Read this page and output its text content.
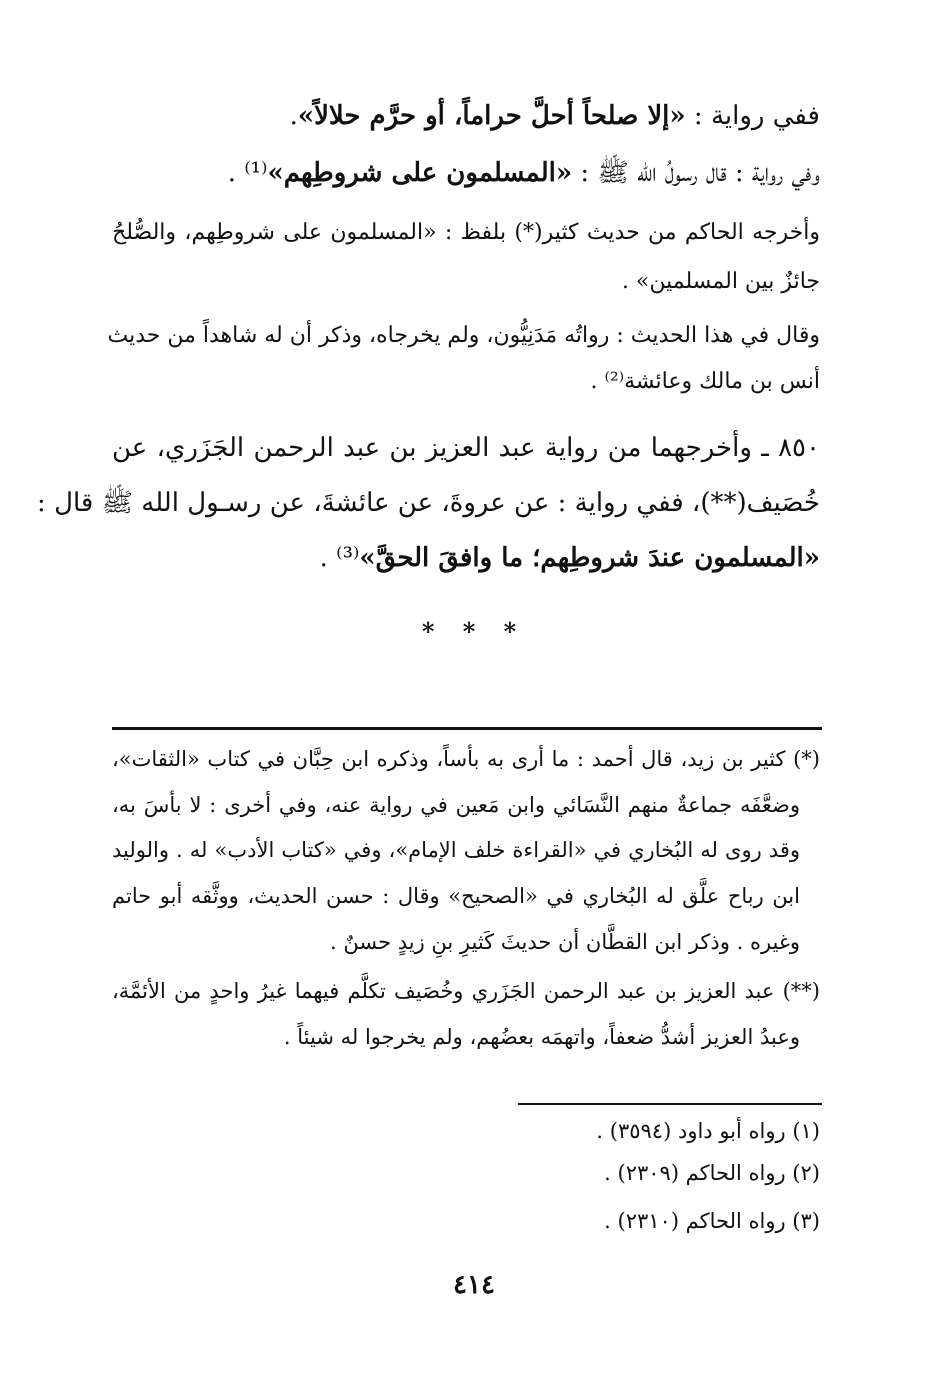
ففي رواية : «إلا صلحاً أحلَّ حراماً، أو حرَّم حلالاً».
وفي رواية : قال رسولُ الله ﷺ : «المسلمون على شروطِهم»⁽¹⁾ .
وأخرجه الحاكم من حديث كثير(*) بلفظ : «المسلمون على شروطِهم، والصُّلحُ
جائزٌ بين المسلمين» .
وقال في هذا الحديث : رواتُه مَدَنِيُّون، ولم يخرجاه، وذكر أن له شاهداً من حديث
أنس بن مالك وعائشة⁽²⁾ .
٨٥٠ ـ وأخرجهما من رواية عبد العزيز بن عبد الرحمن الجَزَري، عن
خُصَيف(**)، ففي رواية : عن عروةَ، عن عائشةَ، عن رسـول الله ﷺ قال :
«المسلمون عندَ شروطِهم؛ ما وافقَ الحقَّ»⁽³⁾ .
* * *
(*) كثير بن زيد، قال أحمد : ما أرى به بأساً، وذكره ابن حِبَّان في كتاب «الثقات»،
وضعَّفَه جماعةٌ منهم النَّسَائي وابن مَعين في رواية عنه، وفي أخرى : لا بأسَ به،
وقد روى له البُخاري في «القراءة خلف الإمام»، وفي «كتاب الأدب» له . والوليد
ابن رباح علَّق له البُخاري في «الصحيح» وقال : حسن الحديث، ووثَّقه أبو حاتم
وغيره . وذكر ابن القطَّان أن حديثَ كَثيرِ بنِ زيدٍ حسنٌ .
(**) عبد العزيز بن عبد الرحمن الجَزَري وخُصَيف تكلَّم فيهما غيرُ واحدٍ من الأئمَّة،
وعبدُ العزيز أشدُّ ضعفاً، واتهمَه بعضُهم، ولم يخرجوا له شيئاً .
(١) رواه أبو داود (٣٥٩٤) .
(٢) رواه الحاكم (٢٣٠٩) .
(٣) رواه الحاكم (٢٣١٠) .
٤١٤
